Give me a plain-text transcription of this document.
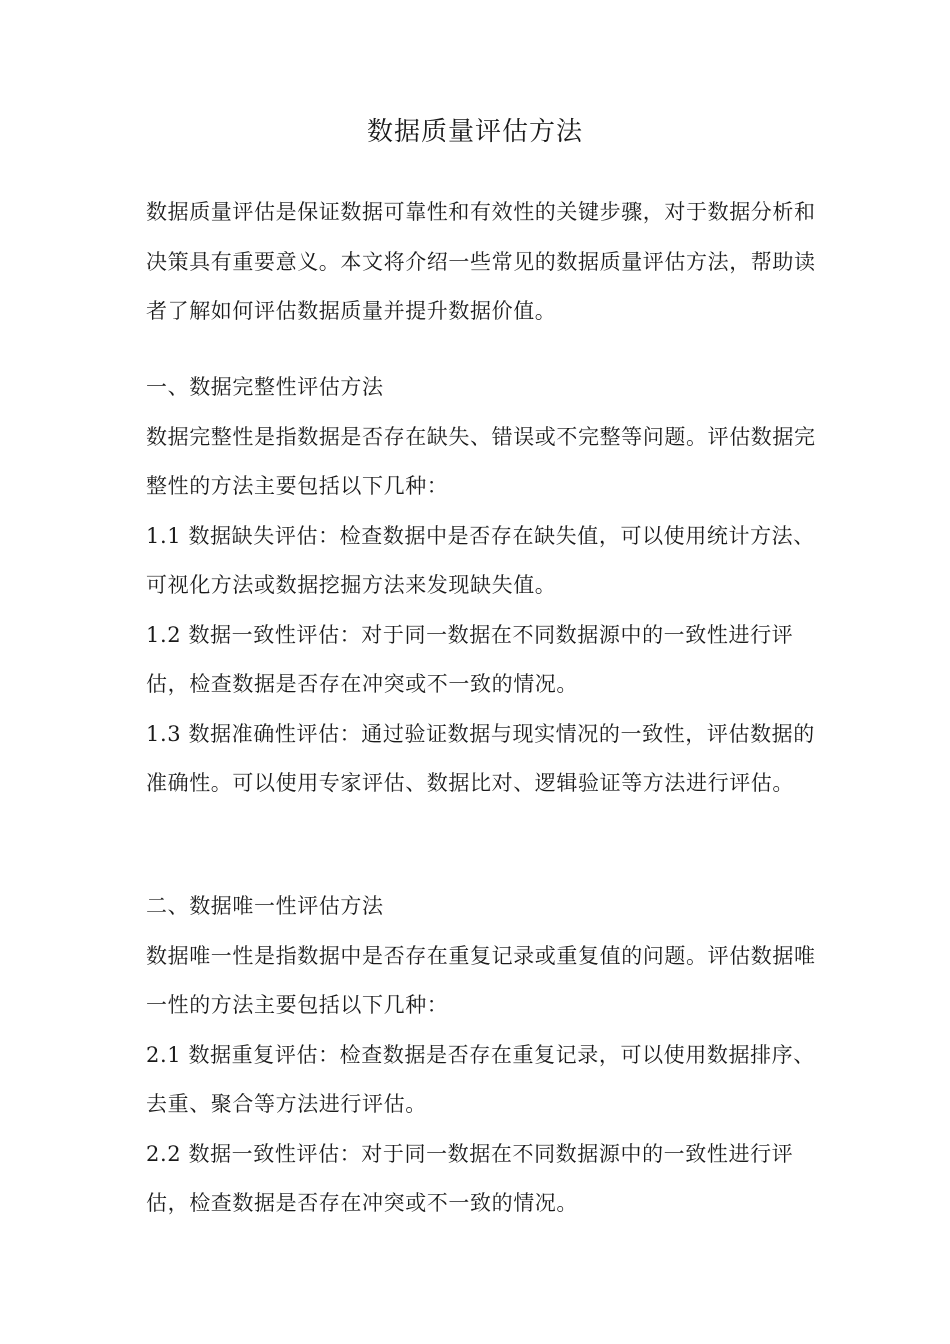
数据质量评估方法

数据质量评估是保证数据可靠性和有效性的关键步骤，对于数据分析和决策具有重要意义。本文将介绍一些常见的数据质量评估方法，帮助读者了解如何评估数据质量并提升数据价值。

一、数据完整性评估方法

数据完整性是指数据是否存在缺失、错误或不完整等问题。评估数据完整性的方法主要包括以下几种：

1.1 数据缺失评估：检查数据中是否存在缺失值，可以使用统计方法、可视化方法或数据挖掘方法来发现缺失值。

1.2 数据一致性评估：对于同一数据在不同数据源中的一致性进行评估，检查数据是否存在冲突或不一致的情况。

1.3 数据准确性评估：通过验证数据与现实情况的一致性，评估数据的准确性。可以使用专家评估、数据比对、逻辑验证等方法进行评估。

二、数据唯一性评估方法

数据唯一性是指数据中是否存在重复记录或重复值的问题。评估数据唯一性的方法主要包括以下几种：

2.1 数据重复评估：检查数据是否存在重复记录，可以使用数据排序、去重、聚合等方法进行评估。

2.2 数据一致性评估：对于同一数据在不同数据源中的一致性进行评估，检查数据是否存在冲突或不一致的情况。
